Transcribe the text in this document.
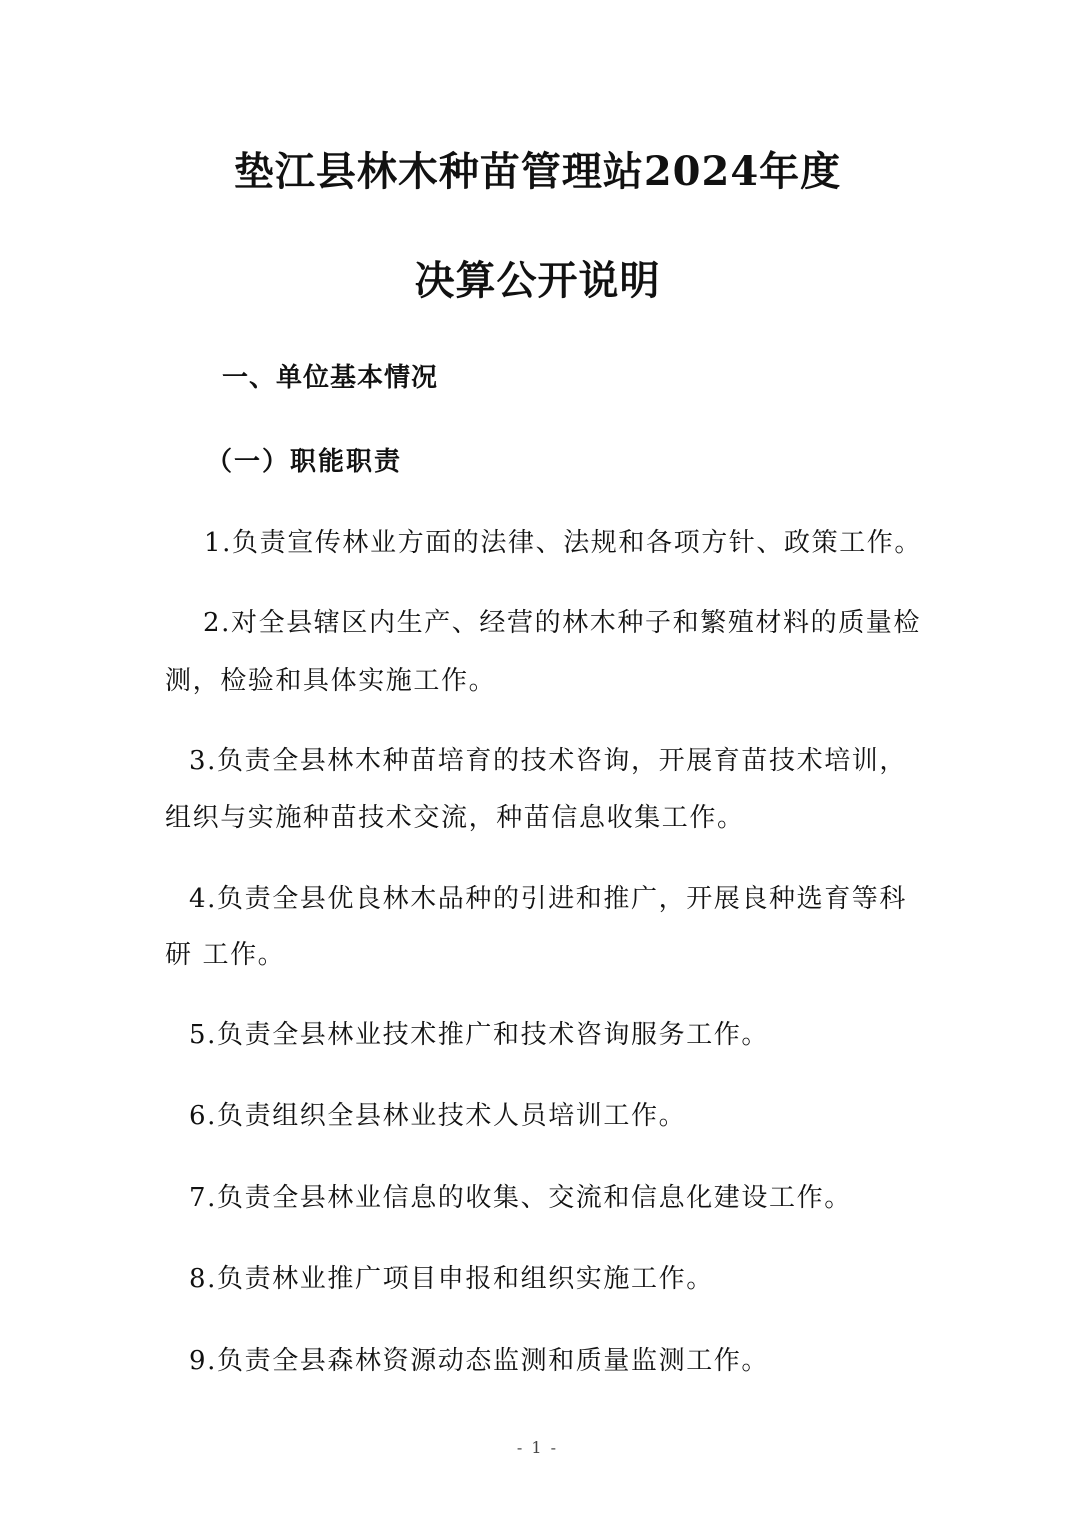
垫江县林木种苗管理站2024年度
决算公开说明
一、单位基本情况
（一）职能职责
1.负责宣传林业方面的法律、法规和各项方针、政策工作。
2.对全县辖区内生产、经营的林木种子和繁殖材料的质量检
测，检验和具体实施工作。
3.负责全县林木种苗培育的技术咨询，开展育苗技术培训，
组织与实施种苗技术交流，种苗信息收集工作。
4.负责全县优良林木品种的引进和推广，开展良种选育等科
研 工作。
5.负责全县林业技术推广和技术咨询服务工作。
6.负责组织全县林业技术人员培训工作。
7.负责全县林业信息的收集、交流和信息化建设工作。
8.负责林业推广项目申报和组织实施工作。
9.负责全县森林资源动态监测和质量监测工作。
- 1 -
